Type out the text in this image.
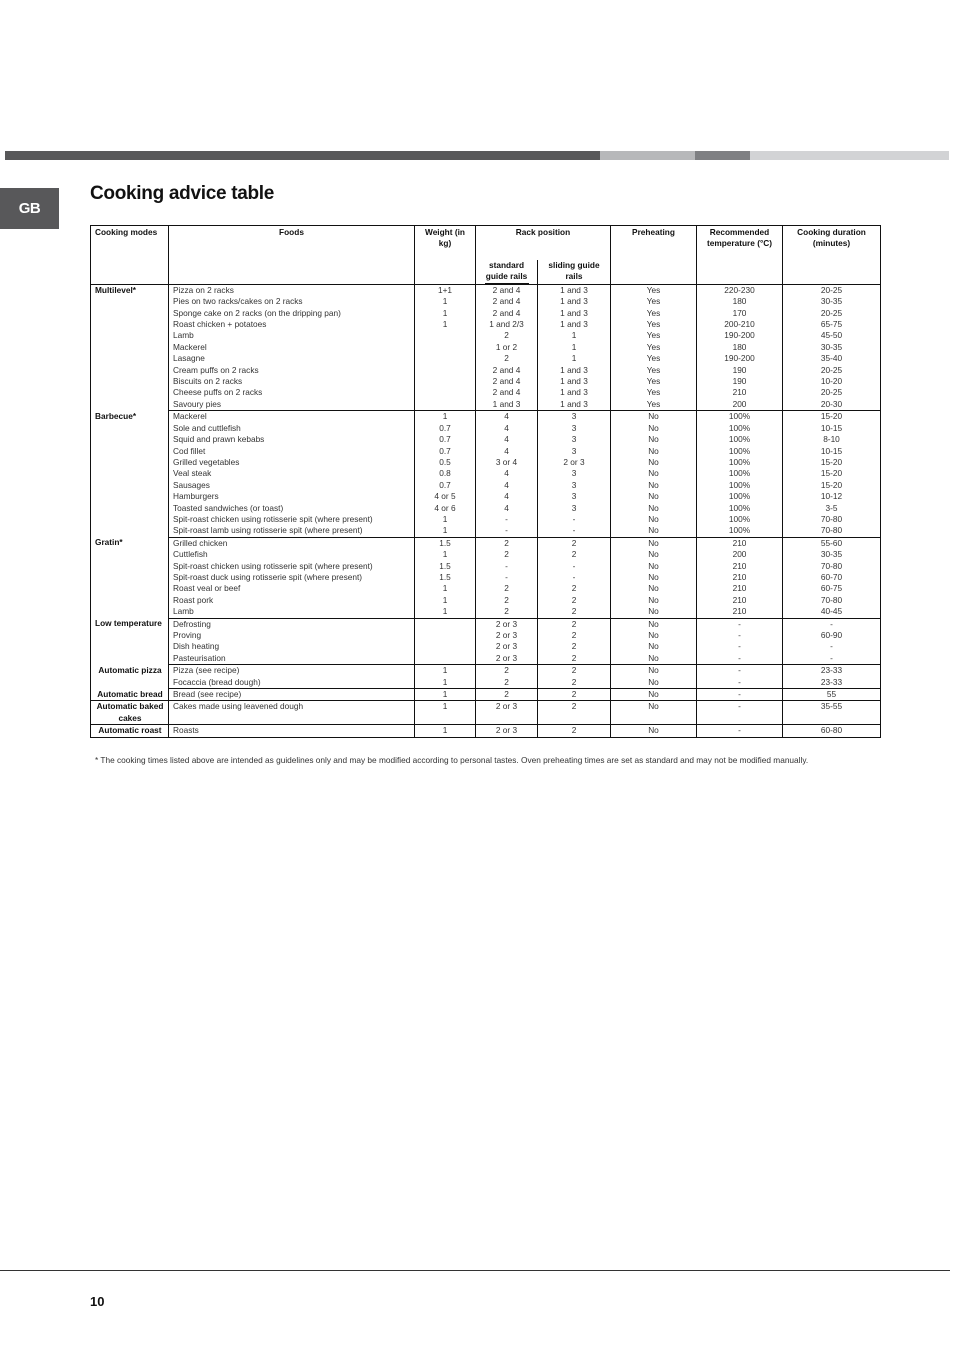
GB
Cooking advice table
Cooking modes	Foods	Weight (in kg)	Rack position		Preheating	Recommended temperature (°C)	Cooking duration (minutes)

			standard guide rails	sliding guide rails			

Multilevel*	Pizza on 2 racks	1+1	2 and 4	1 and 3	Yes	220-230	20-25
	Pies on two racks/cakes on 2 racks	1	2 and 4	1 and 3	Yes	180	30-35
	Sponge cake on 2 racks (on the dripping pan)	1	2 and 4	1 and 3	Yes	170	20-25
	Roast chicken + potatoes	1	1 and 2/3	1 and 3	Yes	200-210	65-75
	Lamb		2	1	Yes	190-200	45-50
	Mackerel		1 or 2	1	Yes	180	30-35
	Lasagne		2	1	Yes	190-200	35-40
	Cream puffs on 2 racks		2 and 4	1 and 3	Yes	190	20-25
	Biscuits on 2 racks		2 and 4	1 and 3	Yes	190	10-20
	Cheese puffs on 2 racks		2 and 4	1 and 3	Yes	210	20-25
	Savoury pies		1 and 3	1 and 3	Yes	200	20-30
Barbecue*	Mackerel	1	4	3	No	100%	15-20
	Sole and cuttlefish	0.7	4	3	No	100%	10-15
	Squid and prawn kebabs	0.7	4	3	No	100%	8-10
	Cod fillet	0.7	4	3	No	100%	10-15
	Grilled vegetables	0.5	3 or 4	2 or 3	No	100%	15-20
	Veal steak	0.8	4	3	No	100%	15-20
	Sausages	0.7	4	3	No	100%	15-20
	Hamburgers	4 or 5	4	3	No	100%	10-12
	Toasted sandwiches (or toast)	4 or 6	4	3	No	100%	3-5
	Spit-roast chicken using rotisserie spit (where present)	1	-	-	No	100%	70-80
	Spit-roast lamb using rotisserie spit (where present)	1	-	-	No	100%	70-80
Gratin*	Grilled chicken	1.5	2	2	No	210	55-60
	Cuttlefish	1	2	2	No	200	30-35
	Spit-roast chicken using rotisserie spit (where present)	1.5	-	-	No	210	70-80
	Spit-roast duck using rotisserie spit (where present)	1.5	-	-	No	210	60-70
	Roast veal or beef	1	2	2	No	210	60-75
	Roast pork	1	2	2	No	210	70-80
	Lamb	1	2	2	No	210	40-45
Low temperature	Defrosting		2 or 3	2	No	-	-
	Proving		2 or 3	2	No	-	60-90
	Dish heating		2 or 3	2	No	-	-
	Pasteurisation		2 or 3	2	No	-	-
Automatic pizza	Pizza (see recipe)	1	2	2	No	-	23-33
	Focaccia (bread dough)	1	2	2	No	-	23-33
Automatic bread	Bread (see recipe)	1	2	2	No	-	55
Automatic baked cakes	Cakes made using leavened dough	1	2 or 3	2	No	-	35-55
Automatic roast	Roasts	1	2 or 3	2	No	-	60-80
* The cooking times listed above are intended as guidelines only and may be modified according to personal tastes. Oven preheating times are set as standard and may not be modified manually.
10
